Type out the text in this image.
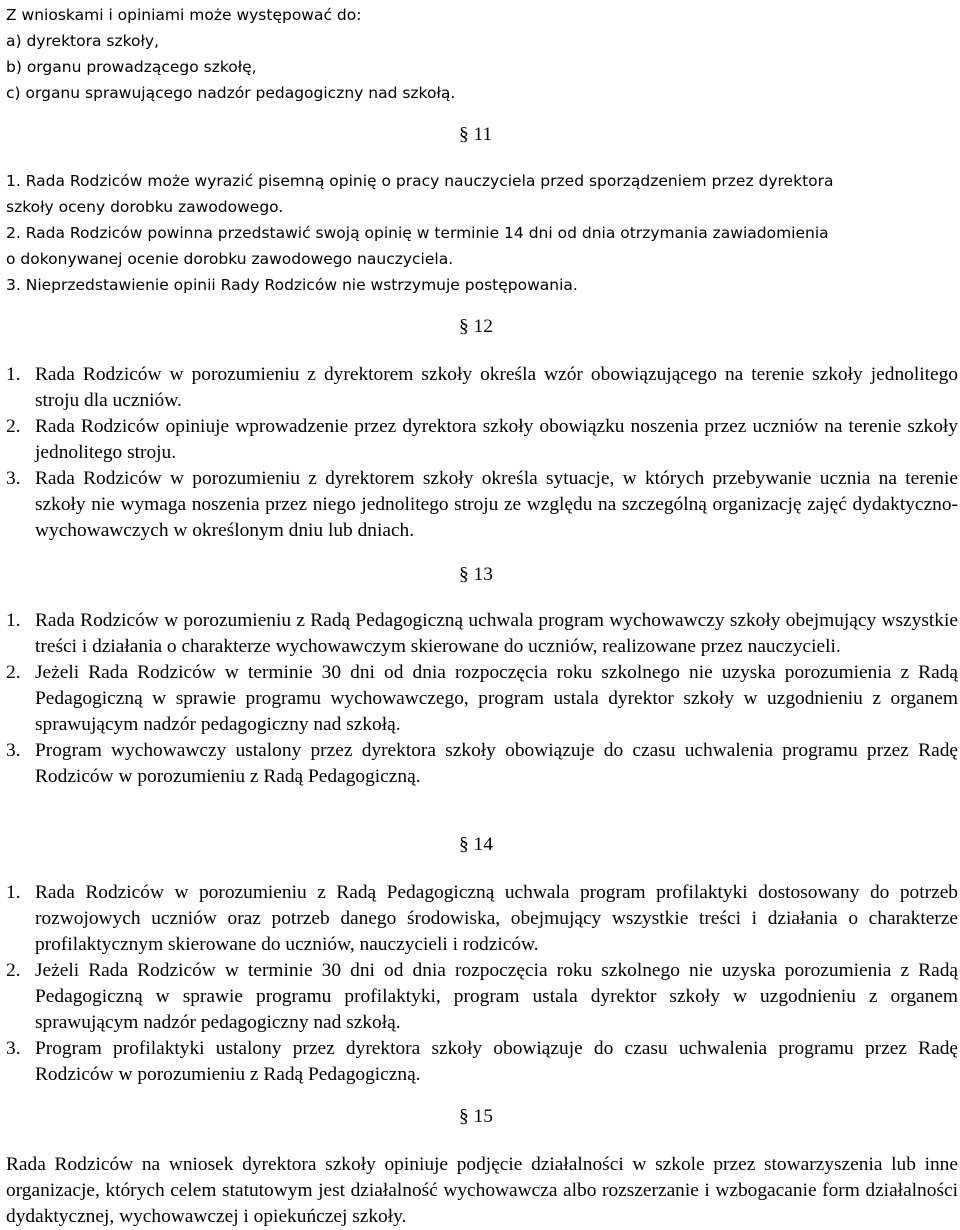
Z wnioskami i opiniami może występować do:
a) dyrektora szkoły,
b) organu prowadzącego szkołę,
c) organu sprawującego nadzór pedagogiczny nad szkołą.
§ 11
1. Rada Rodziców może wyrazić pisemną opinię o pracy nauczyciela przed sporządzeniem przez dyrektora
szkoły oceny dorobku zawodowego.
2. Rada Rodziców powinna przedstawić swoją opinię w terminie 14 dni od dnia otrzymania zawiadomienia
o dokonywanej ocenie dorobku zawodowego nauczyciela.
3. Nieprzedstawienie opinii Rady Rodziców nie wstrzymuje postępowania.
§ 12
1. Rada Rodziców w porozumieniu z dyrektorem szkoły określa wzór obowiązującego na terenie szkoły jednolitego stroju dla uczniów.

2. Rada Rodziców opiniuje wprowadzenie przez dyrektora szkoły obowiązku noszenia przez uczniów na terenie szkoły jednolitego stroju.

3. Rada Rodziców w porozumieniu z dyrektorem szkoły określa sytuacje, w których przebywanie ucznia na terenie szkoły nie wymaga noszenia przez niego jednolitego stroju ze względu na szczególną organizację zajęć dydaktyczno-wychowawczych w określonym dniu lub dniach.

§ 13
1. Rada Rodziców w porozumieniu z Radą Pedagogiczną uchwala program wychowawczy szkoły obejmujący wszystkie treści i działania o charakterze wychowawczym skierowane do uczniów, realizowane przez nauczycieli.

2. Jeżeli Rada Rodziców w terminie 30 dni od dnia rozpoczęcia roku szkolnego nie uzyska porozumienia z Radą Pedagogiczną w sprawie programu wychowawczego, program ustala dyrektor szkoły w uzgodnieniu z organem sprawującym nadzór pedagogiczny nad szkołą.

3. Program wychowawczy ustalony przez dyrektora szkoły obowiązuje do czasu uchwalenia programu przez Radę Rodziców w porozumieniu z Radą Pedagogiczną.

§ 14
1. Rada Rodziców w porozumieniu z Radą Pedagogiczną uchwala program profilaktyki dostosowany do potrzeb rozwojowych uczniów oraz potrzeb danego środowiska, obejmujący wszystkie treści i działania o charakterze profilaktycznym skierowane do uczniów, nauczycieli i rodziców.

2. Jeżeli Rada Rodziców w terminie 30 dni od dnia rozpoczęcia roku szkolnego nie uzyska porozumienia z Radą Pedagogiczną w sprawie programu profilaktyki, program ustala dyrektor szkoły w uzgodnieniu z organem sprawującym nadzór pedagogiczny nad szkołą.

3. Program profilaktyki ustalony przez dyrektora szkoły obowiązuje do czasu uchwalenia programu przez Radę Rodziców w porozumieniu z Radą Pedagogiczną.

§ 15

Rada Rodziców na wniosek dyrektora szkoły opiniuje podjęcie działalności w szkole przez stowarzyszenia lub inne organizacje, których celem statutowym jest działalność wychowawcza albo rozszerzanie i wzbogacanie form działalności dydaktycznej, wychowawczej i opiekuńczej szkoły.
